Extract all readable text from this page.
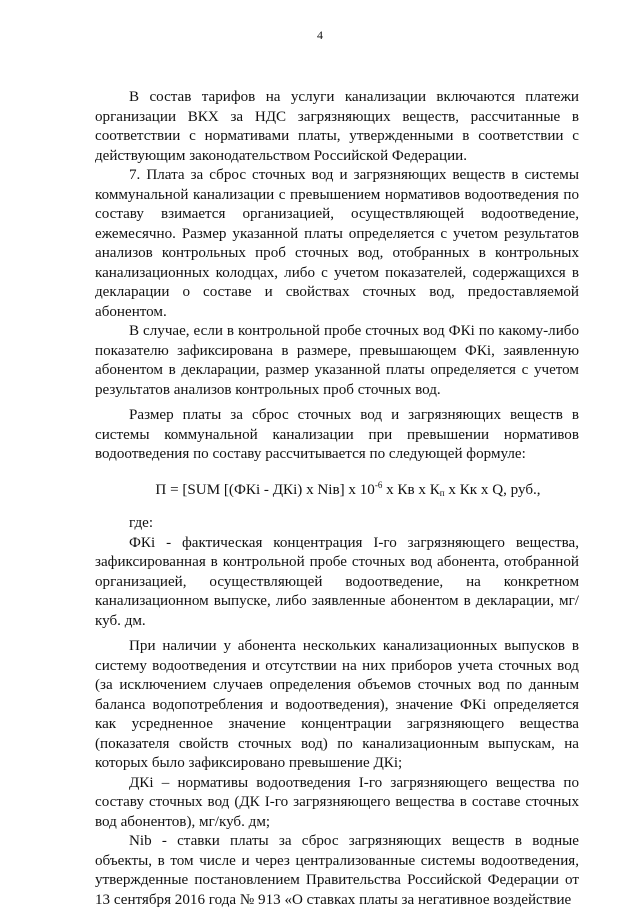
4

В состав тарифов на услуги канализации включаются платежи организации ВКХ за НДС загрязняющих веществ, рассчитанные в соответствии с нормативами платы, утвержденными в соответствии с действующим законодательством Российской Федерации.

7. Плата за сброс сточных вод и загрязняющих веществ в системы коммунальной канализации с превышением нормативов водоотведения по составу взимается организацией, осуществляющей водоотведение, ежемесячно. Размер указанной платы определяется с учетом результатов анализов контрольных проб сточных вод, отобранных в контрольных канализационных колодцах, либо с учетом показателей, содержащихся в декларации о составе и свойствах сточных вод, предоставляемой абонентом.

В случае, если в контрольной пробе сточных вод ФКi по какому-либо показателю зафиксирована в размере, превышающем ФКi, заявленную абонентом в декларации, размер указанной платы определяется с учетом результатов анализов контрольных проб сточных вод.

Размер платы за сброс сточных вод и загрязняющих веществ в системы коммунальной канализации при превышении нормативов водоотведения по составу рассчитывается по следующей формуле:

П = [SUM [(ФКi - ДКi) х Niв] х $10^{-6}$ х Кв х $К_п$ х Кк х Q, руб.,

где:

ФКi - фактическая концентрация I-го загрязняющего вещества, зафиксированная в контрольной пробе сточных вод абонента, отобранной организацией, осуществляющей водоотведение, на конкретном канализационном выпуске, либо заявленные абонентом в декларации, мг/куб. дм.

При наличии у абонента нескольких канализационных выпусков в систему водоотведения и отсутствии на них приборов учета сточных вод (за исключением случаев определения объемов сточных вод по данным баланса водопотребления и водоотведения), значение ФКi определяется как усредненное значение концентрации загрязняющего вещества (показателя свойств сточных вод) по канализационным выпускам, на которых было зафиксировано превышение ДКi;

ДКi – нормативы водоотведения I-го загрязняющего вещества по составу сточных вод (ДК I-го загрязняющего вещества в составе сточных вод абонентов), мг/куб. дм;

Nib - ставки платы за сброс загрязняющих веществ в водные объекты, в том числе и через централизованные системы водоотведения, утвержденные постановлением Правительства Российской Федерации от 13 сентября 2016 года № 913 «О ставках платы за негативное воздействие
